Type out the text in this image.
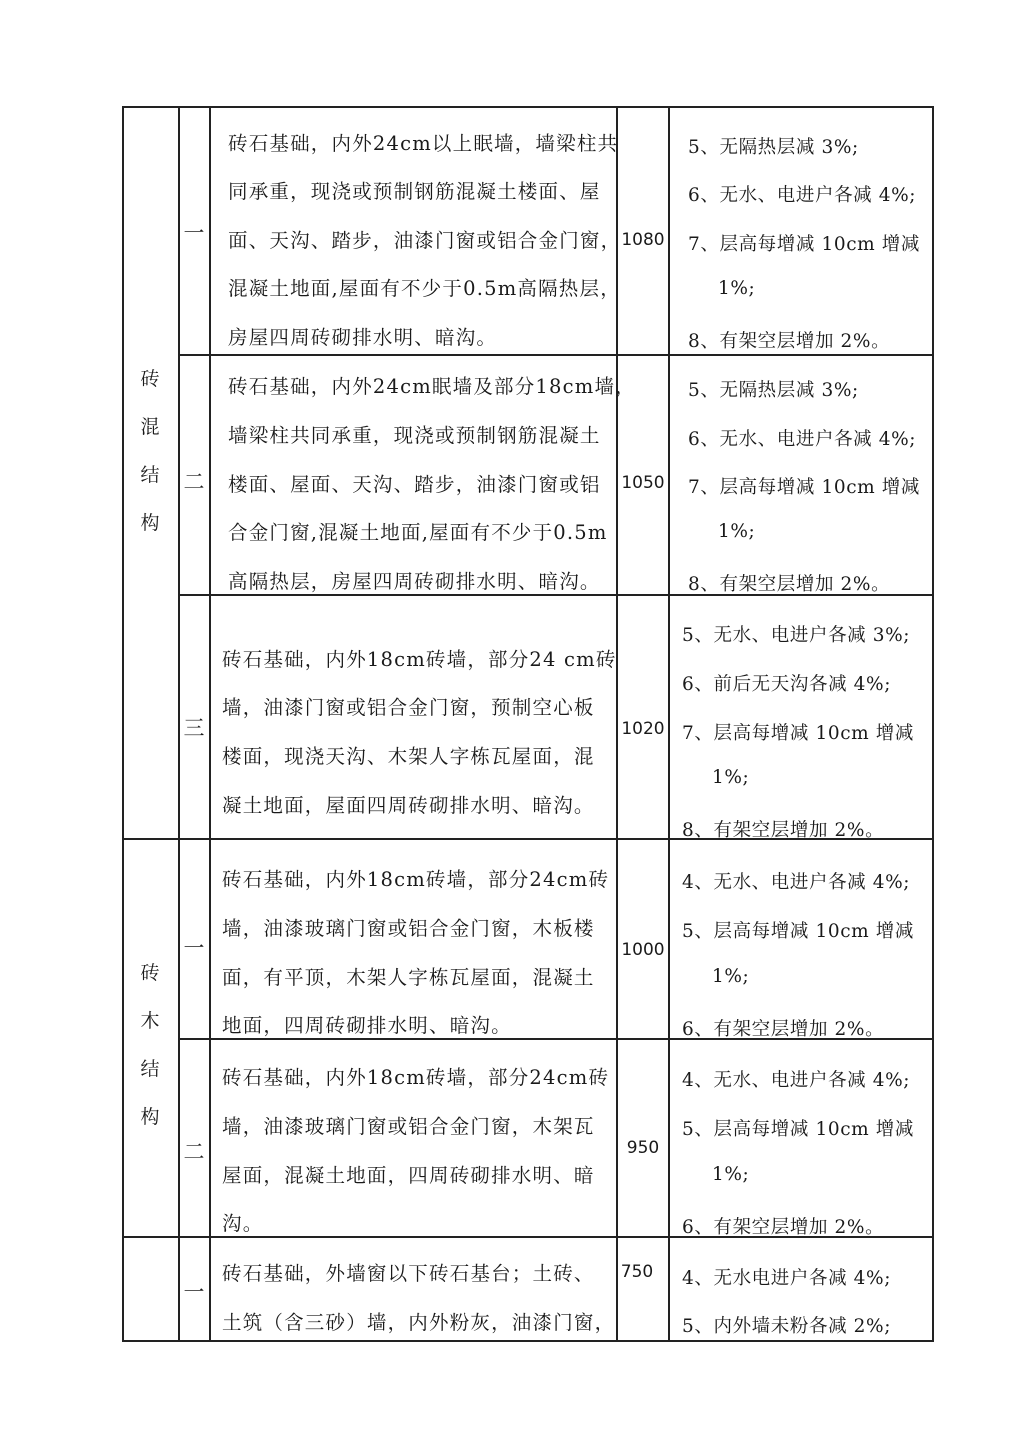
砖
混
结
构
砖
木
结
构
一
砖石基础，内外24cm以上眠墙，墙梁柱共
同承重，现浇或预制钢筋混凝土楼面、屋
面、天沟、踏步，油漆门窗或铝合金门窗，
混凝土地面,屋面有不少于0.5m高隔热层，
房屋四周砖砌排水明、暗沟。
1080
5、无隔热层减 3%;
6、无水、电进户各减 4%;
7、层高每增减 10cm 增减
1%;
8、有架空层增加 2%。
二
砖石基础，内外24cm眠墙及部分18cm墙，
墙梁柱共同承重，现浇或预制钢筋混凝土
楼面、屋面、天沟、踏步，油漆门窗或铝
合金门窗,混凝土地面,屋面有不少于0.5m
高隔热层，房屋四周砖砌排水明、暗沟。
1050
5、无隔热层减 3%;
6、无水、电进户各减 4%;
7、层高每增减 10cm 增减
1%;
8、有架空层增加 2%。
三
砖石基础，内外18cm砖墙，部分24 cm砖
墙，油漆门窗或铝合金门窗，预制空心板
楼面，现浇天沟、木架人字栋瓦屋面，混
凝土地面，屋面四周砖砌排水明、暗沟。
1020
5、无水、电进户各减 3%;
6、前后无天沟各减 4%;
7、层高每增减 10cm 增减
1%;
8、有架空层增加 2%。
一
砖石基础，内外18cm砖墙，部分24cm砖
墙，油漆玻璃门窗或铝合金门窗，木板楼
面，有平顶，木架人字栋瓦屋面，混凝土
地面，四周砖砌排水明、暗沟。
1000
4、无水、电进户各减 4%;
5、层高每增减 10cm 增减
1%;
6、有架空层增加 2%。
二
砖石基础，内外18cm砖墙，部分24cm砖
墙，油漆玻璃门窗或铝合金门窗，木架瓦
屋面，混凝土地面，四周砖砌排水明、暗
沟。
950
4、无水、电进户各减 4%;
5、层高每增减 10cm 增减
1%;
6、有架空层增加 2%。
一
砖石基础，外墙窗以下砖石基台；土砖、
土筑（含三砂）墙，内外粉灰，油漆门窗，
750	4、无水电进户各减 4%;
5、内外墙未粉各减 2%;
